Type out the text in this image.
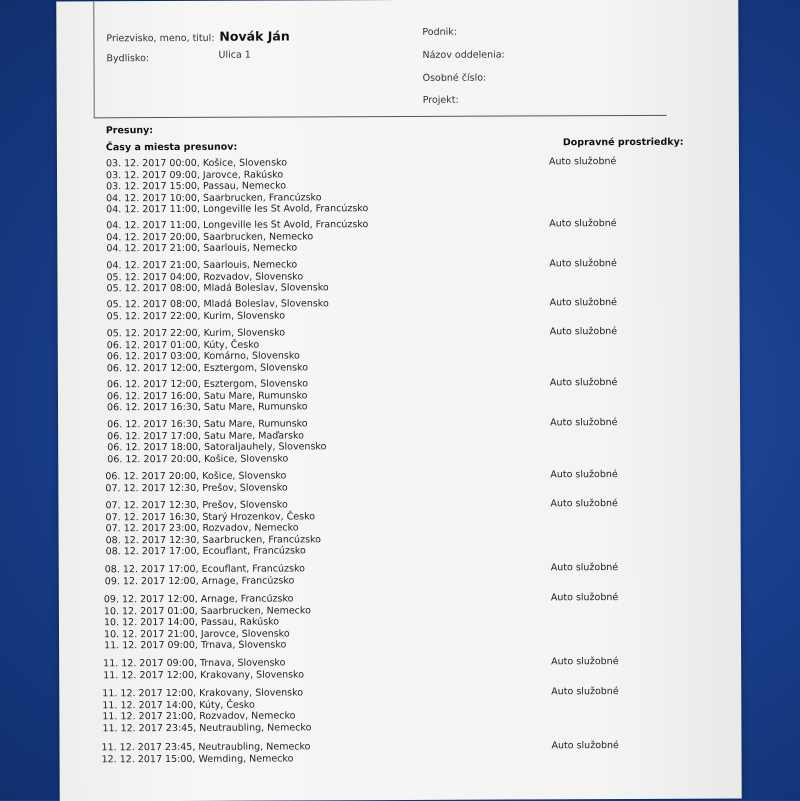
Priezvisko, meno, titul: Novák Ján
Bydlisko:	Ulica 1
Podnik:
Názov oddelenia:
Osobné číslo:
Projekt:
Presuny:
Časy a miesta presunov:	Dopravné prostriedky:
03. 12. 2017 00:00, Košice, Slovensko
03. 12. 2017 09:00, Jarovce, Rakúsko
03. 12. 2017 15:00, Passau, Nemecko
04. 12. 2017 10:00, Saarbrucken, Francúzsko
04. 12. 2017 11:00, Longeville les St Avold, Francúzsko
Auto služobné
04. 12. 2017 11:00, Longeville les St Avold, Francúzsko
04. 12. 2017 20:00, Saarbrucken, Nemecko
04. 12. 2017 21:00, Saarlouis, Nemecko
Auto služobné
04. 12. 2017 21:00, Saarlouis, Nemecko
05. 12. 2017 04:00, Rozvadov, Slovensko
05. 12. 2017 08:00, Mladá Boleslav, Slovensko
Auto služobné
05. 12. 2017 08:00, Mladá Boleslav, Slovensko
05. 12. 2017 22:00, Kurim, Slovensko
Auto služobné
05. 12. 2017 22:00, Kurim, Slovensko
06. 12. 2017 01:00, Kúty, Česko
06. 12. 2017 03:00, Komárno, Slovensko
06. 12. 2017 12:00, Esztergom, Slovensko
Auto služobné
06. 12. 2017 12:00, Esztergom, Slovensko
06. 12. 2017 16:00, Satu Mare, Rumunsko
06. 12. 2017 16:30, Satu Mare, Rumunsko
Auto služobné
06. 12. 2017 16:30, Satu Mare, Rumunsko
06. 12. 2017 17:00, Satu Mare, Maďarsko
06. 12. 2017 18:00, Satoraljauhely, Slovensko
06. 12. 2017 20:00, Košice, Slovensko
Auto služobné
06. 12. 2017 20:00, Košice, Slovensko
07. 12. 2017 12:30, Prešov, Slovensko
Auto služobné
07. 12. 2017 12:30, Prešov, Slovensko
07. 12. 2017 16:30, Starý Hrozenkov, Česko
07. 12. 2017 23:00, Rozvadov, Nemecko
08. 12. 2017 12:30, Saarbrucken, Francúzsko
08. 12. 2017 17:00, Ecouflant, Francúzsko
Auto služobné
08. 12. 2017 17:00, Ecouflant, Francúzsko
09. 12. 2017 12:00, Arnage, Francúzsko
Auto služobné
09. 12. 2017 12:00, Arnage, Francúzsko
10. 12. 2017 01:00, Saarbrucken, Nemecko
10. 12. 2017 14:00, Passau, Rakúsko
10. 12. 2017 21:00, Jarovce, Slovensko
11. 12. 2017 09:00, Trnava, Slovensko
Auto služobné
11. 12. 2017 09:00, Trnava, Slovensko
11. 12. 2017 12:00, Krakovany, Slovensko
Auto služobné
11. 12. 2017 12:00, Krakovany, Slovensko
11. 12. 2017 14:00, Kúty, Česko
11. 12. 2017 21:00, Rozvadov, Nemecko
11. 12. 2017 23:45, Neutraubling, Nemecko
Auto služobné
11. 12. 2017 23:45, Neutraubling, Nemecko
12. 12. 2017 15:00, Wemding, Nemecko
Auto služobné
